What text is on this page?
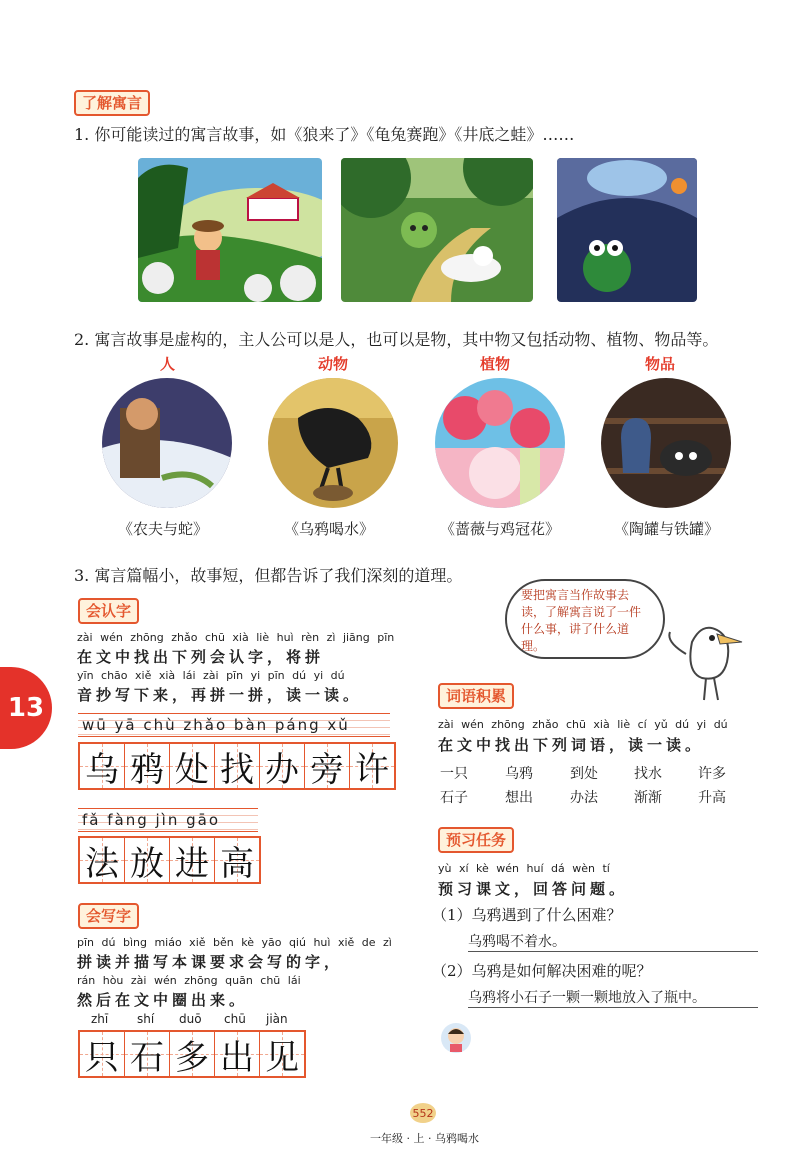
了解寓言
1. 你可能读过的寓言故事，如《狼来了》《龟兔赛跑》《井底之蛙》……
2. 寓言故事是虚构的，主人公可以是人，也可以是物，其中物又包括动物、植物、物品等。
人	动物	植物	物品
《农夫与蛇》	《乌鸦喝水》	《蔷薇与鸡冠花》	《陶罐与铁罐》
3. 寓言篇幅小，故事短，但都告诉了我们深刻的道理。
要把寓言当作故事去读，了解寓言说了一件什么事，讲了什么道理。
13
会认字
zài wén zhōng zhǎo chū xià liè huì rèn zì jiāng pīn
在文中找出下列会认字，将拼
yīn chāo xiě xià lái zài pīn yi pīn dú yi dú
音抄写下来，再拼一拼，读一读。
wū yā chù zhǎo bàn páng xǔ
乌 鸦 处 找 办 旁 许
fǎ fàng jìn gāo
法 放 进 高
会写字
pīn dú bìng miáo xiě běn kè yāo qiú huì xiě de zì
拼读并描写本课要求会写的字，
rán hòu zài wén zhōng quān chū lái
然后在文中圈出来。
zhī shí duō chū jiàn
只 石 多 出 见
词语积累
zài wén zhōng zhǎo chū xià liè cí yǔ dú yi dú
在文中找出下列词语，读一读。
一只	乌鸦	到处	找水	许多
石子	想出	办法	渐渐	升高
预习任务
yù xí kè wén huí dá wèn tí
预习课文，回答问题。
（1）乌鸦遇到了什么困难？
乌鸦喝不着水。
（2）乌鸦是如何解决困难的呢？
乌鸦将小石子一颗一颗地放入了瓶中。
552
一年级 · 上 · 乌鸦喝水
